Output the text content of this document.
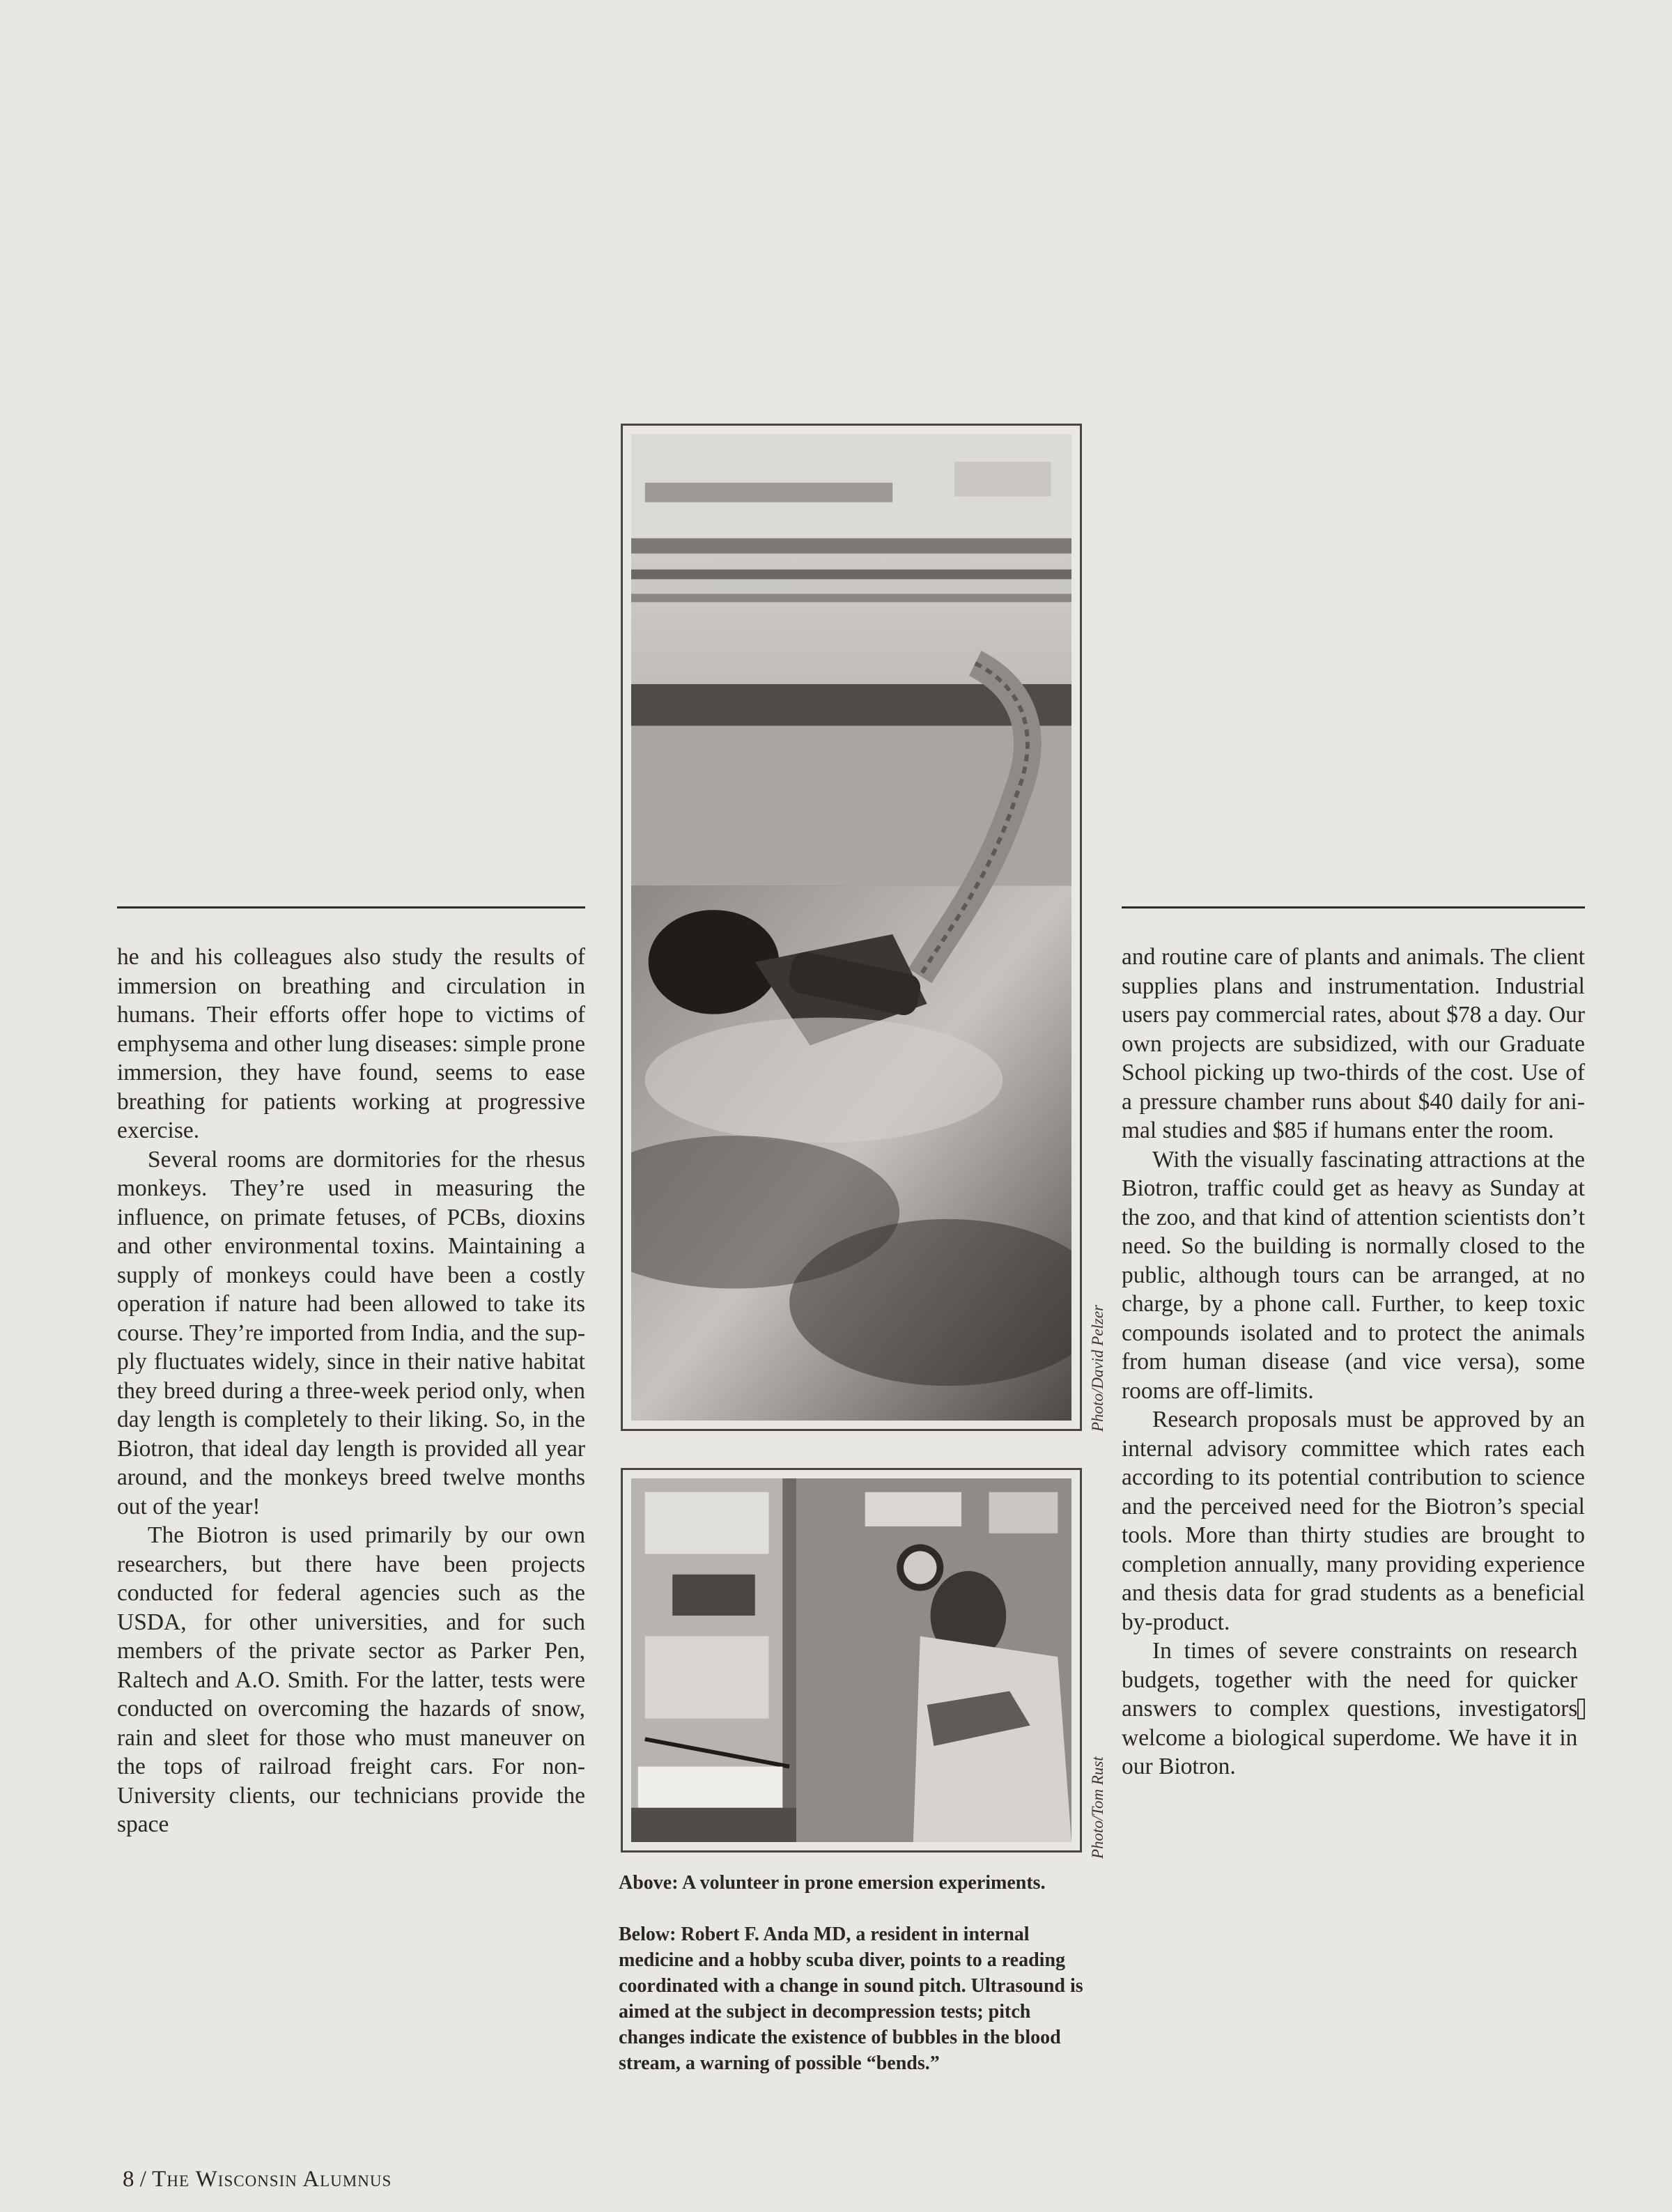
he and his colleagues also study the results of immersion on breathing and circulation in humans. Their efforts offer hope to victims of emphysema and other lung diseases: simple prone immersion, they have found, seems to ease breathing for patients working at progressive exercise.

Several rooms are dormitories for the rhesus monkeys. They’re used in measuring the influence, on primate fetuses, of PCBs, dioxins and other environmental toxins. Maintaining a supply of monkeys could have been a costly operation if nature had been allowed to take its course. They’re imported from India, and the supply fluctuates widely, since in their native habitat they breed during a three-week period only, when day length is completely to their liking. So, in the Biotron, that ideal day length is provided all year around, and the monkeys breed twelve months out of the year!

The Biotron is used primarily by our own researchers, but there have been projects conducted for federal agencies such as the USDA, for other universities, and for such members of the private sector as Parker Pen, Raltech and A.O. Smith. For the latter, tests were conducted on overcoming the hazards of snow, rain and sleet for those who must maneuver on the tops of railroad freight cars. For non-University clients, our technicians provide the space

and routine care of plants and animals. The client supplies plans and instrumentation. Industrial users pay commercial rates, about $78 a day. Our own projects are subsidized, with our Graduate School picking up two-thirds of the cost. Use of a pressure chamber runs about $40 daily for animal studies and $85 if humans enter the room.

With the visually fascinating attractions at the Biotron, traffic could get as heavy as Sunday at the zoo, and that kind of attention scientists don’t need. So the building is normally closed to the public, although tours can be arranged, at no charge, by a phone call. Further, to keep toxic compounds isolated and to protect the animals from human disease (and vice versa), some rooms are off-limits.

Research proposals must be approved by an internal advisory committee which rates each according to its potential contribution to science and the perceived need for the Biotron’s special tools. More than thirty studies are brought to completion annually, many providing experience and thesis data for grad students as a beneficial by-product.

In times of severe constraints on research budgets, together with the need for quicker answers to complex questions, investigators welcome a biological superdome. We have it in our Biotron.

Photo/David Pelzer
Photo/Tom Rust

Above: A volunteer in prone emersion experiments.

Below: Robert F. Anda MD, a resident in internal medicine and a hobby scuba diver, points to a reading coordinated with a change in sound pitch. Ultrasound is aimed at the subject in decompression tests; pitch changes indicate the existence of bubbles in the blood stream, a warning of possible “bends.”

8 / The Wisconsin Alumnus
